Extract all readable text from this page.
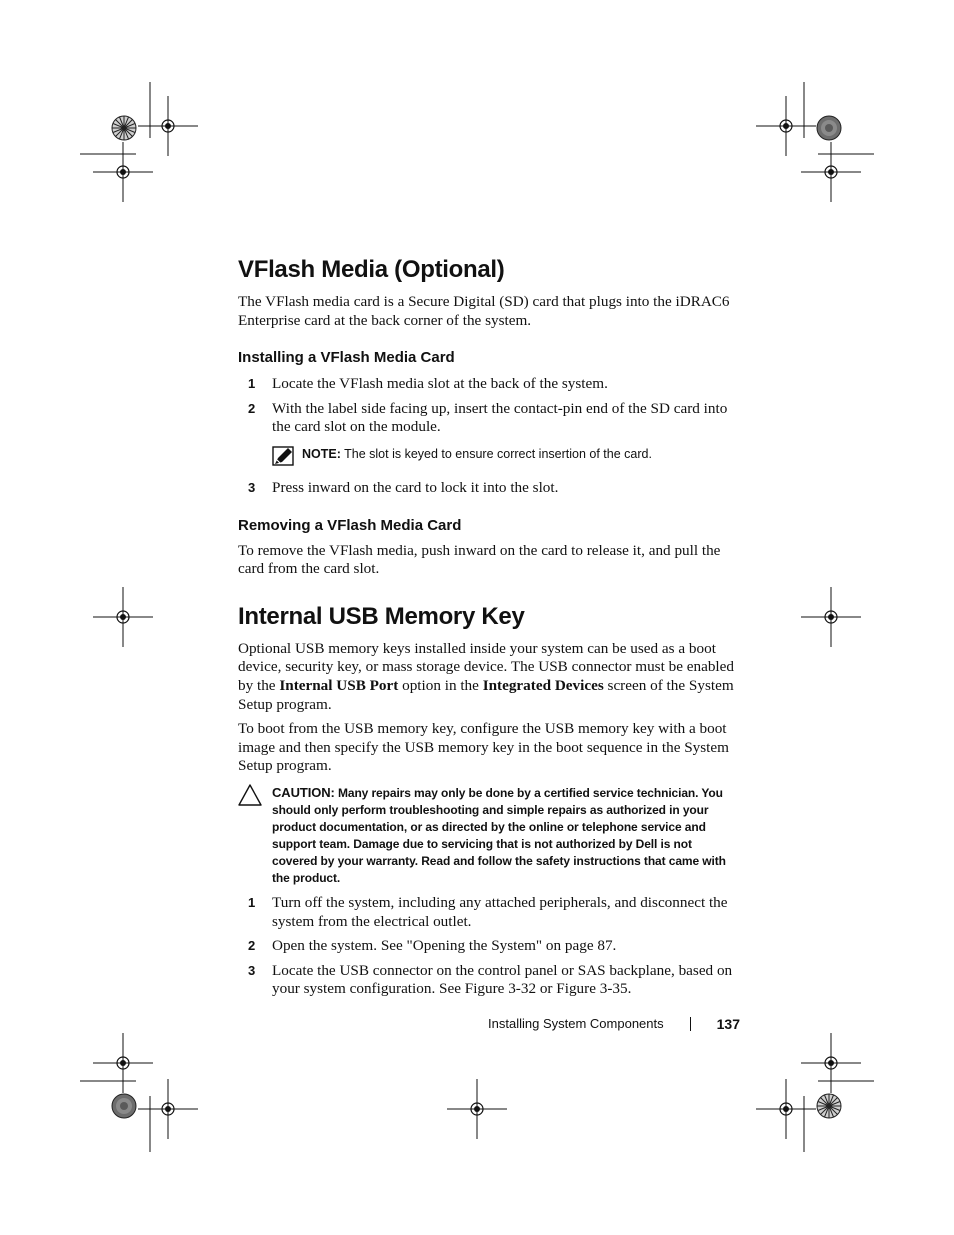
VFlash Media (Optional)

The VFlash media card is a Secure Digital (SD) card that plugs into the iDRAC6 Enterprise card at the back corner of the system.

Installing a VFlash Media Card
1	Locate the VFlash media slot at the back of the system.
2	With the label side facing up, insert the contact-pin end of the SD card into the card slot on the module.
NOTE: The slot is keyed to ensure correct insertion of the card.
3	Press inward on the card to lock it into the slot.
Removing a VFlash Media Card

To remove the VFlash media, push inward on the card to release it, and pull the card from the card slot.

Internal USB Memory Key

Optional USB memory keys installed inside your system can be used as a boot device, security key, or mass storage device. The USB connector must be enabled by the Internal USB Port option in the Integrated Devices screen of the System Setup program.

To boot from the USB memory key, configure the USB memory key with a boot image and then specify the USB memory key in the boot sequence in the System Setup program.

CAUTION: Many repairs may only be done by a certified service technician. You should only perform troubleshooting and simple repairs as authorized in your product documentation, or as directed by the online or telephone service and support team. Damage due to servicing that is not authorized by Dell is not covered by your warranty. Read and follow the safety instructions that came with the product.
1	Turn off the system, including any attached peripherals, and disconnect the system from the electrical outlet.
2	Open the system. See "Opening the System" on page 87.
3	Locate the USB connector on the control panel or SAS backplane, based on your system configuration. See Figure 3-32 or Figure 3-35.
Installing System Components	137
